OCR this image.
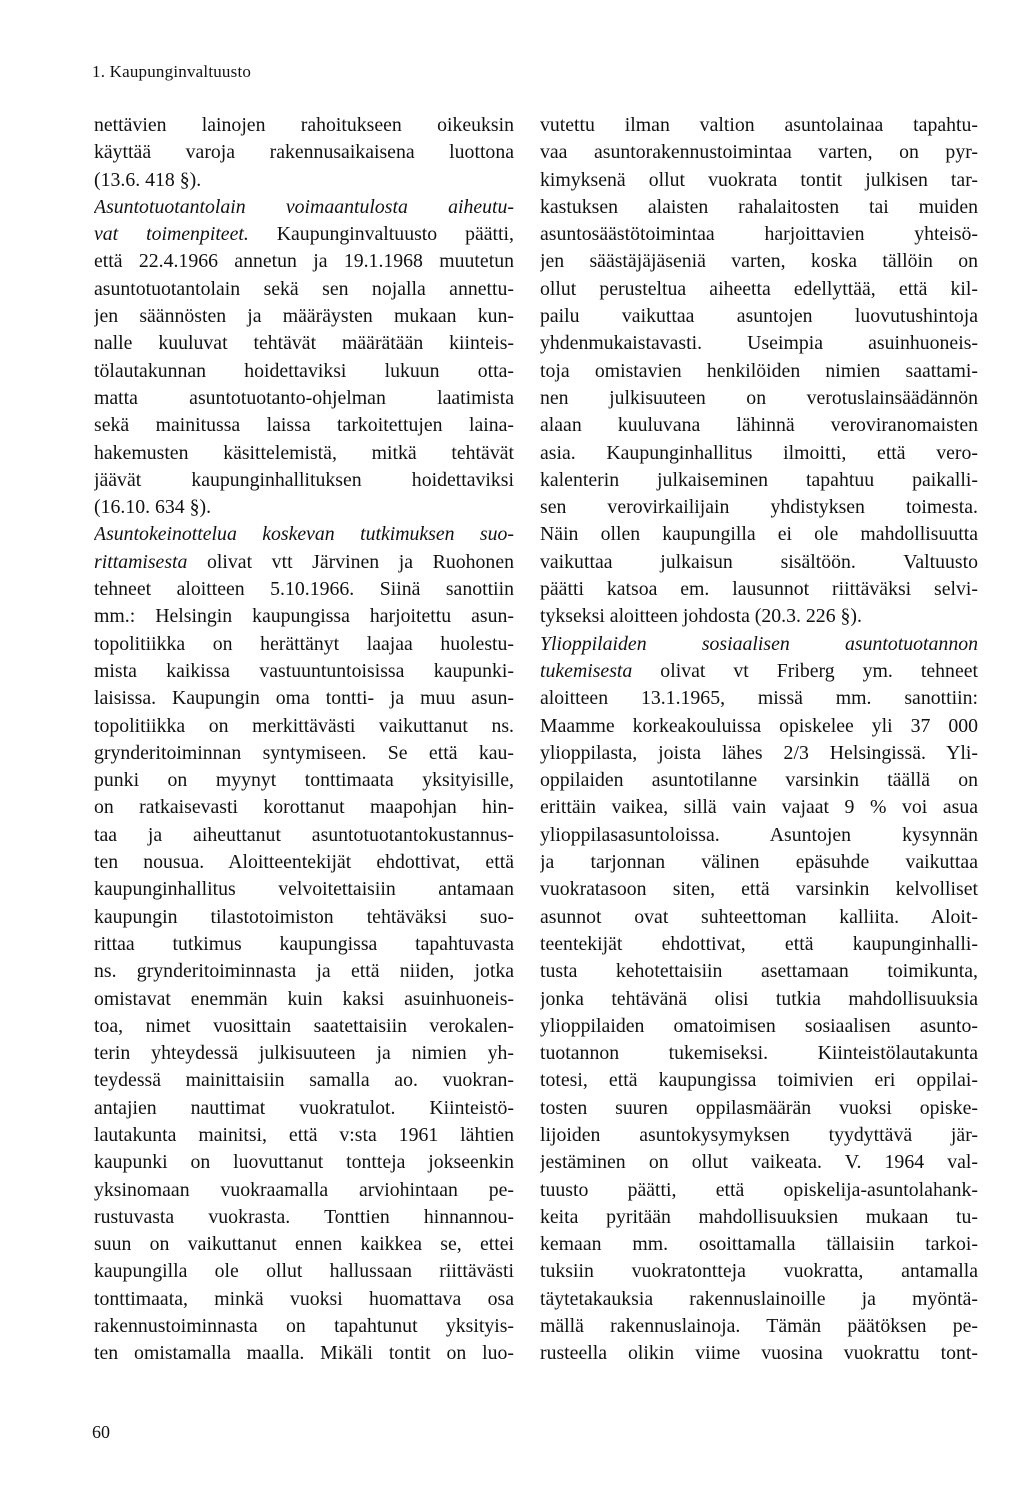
1. Kaupunginvaltuusto
nettävien lainojen rahoitukseen oikeuksin
käyttää varoja rakennusaikaisena luottona
(13.6. 418 §).
Asuntotuotantolain voimaantulosta aiheutu-
vat toimenpiteet. Kaupunginvaltuusto päätti,
että 22.4.1966 annetun ja 19.1.1968 muutetun
asuntotuotantolain sekä sen nojalla annettu-
jen säännösten ja määräysten mukaan kun-
nalle kuuluvat tehtävät määrätään kiinteis-
tölautakunnan hoidettaviksi lukuun otta-
matta asuntotuotanto-ohjelman laatimista
sekä mainitussa laissa tarkoitettujen laina-
hakemusten käsittelemistä, mitkä tehtävät
jäävät kaupunginhallituksen hoidettaviksi
(16.10. 634 §).
Asuntokeinottelua koskevan tutkimuksen suo-
rittamisesta olivat vtt Järvinen ja Ruohonen
tehneet aloitteen 5.10.1966. Siinä sanottiin
mm.: Helsingin kaupungissa harjoitettu asun-
topolitiikka on herättänyt laajaa huolestu-
mista kaikissa vastuuntuntoisissa kaupunki-
laisissa. Kaupungin oma tontti- ja muu asun-
topolitiikka on merkittävästi vaikuttanut ns.
grynderitoiminnan syntymiseen. Se että kau-
punki on myynyt tonttimaata yksityisille,
on ratkaisevasti korottanut maapohjan hin-
taa ja aiheuttanut asuntotuotantokustannus-
ten nousua. Aloitteentekijät ehdottivat, että
kaupunginhallitus velvoitettaisiin antamaan
kaupungin tilastotoimiston tehtäväksi suo-
rittaa tutkimus kaupungissa tapahtuvasta
ns. grynderitoiminnasta ja että niiden, jotka
omistavat enemmän kuin kaksi asuinhuoneis-
toa, nimet vuosittain saatettaisiin verokalen-
terin yhteydessä julkisuuteen ja nimien yh-
teydessä mainittaisiin samalla ao. vuokran-
antajien nauttimat vuokratulot. Kiinteistö-
lautakunta mainitsi, että v:sta 1961 lähtien
kaupunki on luovuttanut tontteja jokseenkin
yksinomaan vuokraamalla arviohintaan pe-
rustuvasta vuokrasta. Tonttien hinnannou-
suun on vaikuttanut ennen kaikkea se, ettei
kaupungilla ole ollut hallussaan riittävästi
tonttimaata, minkä vuoksi huomattava osa
rakennustoiminnasta on tapahtunut yksityis-
ten omistamalla maalla. Mikäli tontit on luo-
vutettu ilman valtion asuntolainaa tapahtu-
vaa asuntorakennustoimintaa varten, on pyr-
kimyksenä ollut vuokrata tontit julkisen tar-
kastuksen alaisten rahalaitosten tai muiden
asuntosäästötoimintaa harjoittavien yhteisö-
jen säästäjäjäseniä varten, koska tällöin on
ollut perusteltua aiheetta edellyttää, että kil-
pailu vaikuttaa asuntojen luovutushintoja
yhdenmukaistavasti. Useimpia asuinhuoneis-
toja omistavien henkilöiden nimien saattami-
nen julkisuuteen on verotuslainsäädännön
alaan kuuluvana lähinnä veroviranomaisten
asia. Kaupunginhallitus ilmoitti, että vero-
kalenterin julkaiseminen tapahtuu paikalli-
sen verovirkailijain yhdistyksen toimesta.
Näin ollen kaupungilla ei ole mahdollisuutta
vaikuttaa julkaisun sisältöön. Valtuusto
päätti katsoa em. lausunnot riittäväksi selvi-
tykseksi aloitteen johdosta (20.3. 226 §).
Ylioppilaiden sosiaalisen asuntotuotannon
tukemisesta olivat vt Friberg ym. tehneet
aloitteen 13.1.1965, missä mm. sanottiin:
Maamme korkeakouluissa opiskelee yli 37 000
ylioppilasta, joista lähes 2/3 Helsingissä. Yli-
oppilaiden asuntotilanne varsinkin täällä on
erittäin vaikea, sillä vain vajaat 9 % voi asua
ylioppilasasuntoloissa. Asuntojen kysynnän
ja tarjonnan välinen epäsuhde vaikuttaa
vuokratasoon siten, että varsinkin kelvolliset
asunnot ovat suhteettoman kalliita. Aloit-
teentekijät ehdottivat, että kaupunginhalli-
tusta kehotettaisiin asettamaan toimikunta,
jonka tehtävänä olisi tutkia mahdollisuuksia
ylioppilaiden omatoimisen sosiaalisen asunto-
tuotannon tukemiseksi. Kiinteistölautakunta
totesi, että kaupungissa toimivien eri oppilai-
tosten suuren oppilasmäärän vuoksi opiske-
lijoiden asuntokysymyksen tyydyttävä jär-
jestäminen on ollut vaikeata. V. 1964 val-
tuusto päätti, että opiskelija-asuntolahank-
keita pyritään mahdollisuuksien mukaan tu-
kemaan mm. osoittamalla tällaisiin tarkoi-
tuksiin vuokratontteja vuokratta, antamalla
täytetakauksia rakennuslainoille ja myöntä-
mällä rakennuslainoja. Tämän päätöksen pe-
rusteella olikin viime vuosina vuokrattu tont-
60
